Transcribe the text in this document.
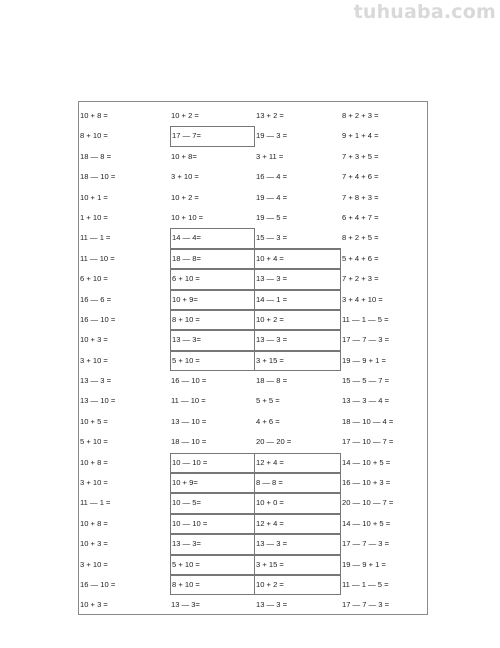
tuhuaba.com
10 + 8 =	10 + 2 =	13 + 2 =	8 + 2 + 3 =
8 + 10 =	17 — 7=	19 — 3 =	9 + 1 + 4 =
18 — 8 =	10 + 8=	3 + 11 =	7 + 3 + 5 =
18 — 10 =	3 + 10 =	16 — 4 =	7 + 4 + 6 =
10 + 1 =	10 + 2 =	19 — 4 =	7 + 8 + 3 =
1 + 10 =	10 + 10 =	19 — 5 =	6 + 4 + 7 =
11 — 1 =	14 — 4=	15 — 3 =	8 + 2 + 5 =
11 — 10 =	18 — 8=	10 + 4 =	5 + 4 + 6 =
6 + 10 =	6 + 10 =	13 — 3 =	7 + 2 + 3 =
16 — 6 =	10 + 9=	14 — 1 =	3 + 4 + 10 =
16 — 10 =	8 + 10 =	10 + 2 =	11 — 1 — 5 =
10 + 3 =	13 — 3=	13 — 3 =	17 — 7 — 3 =
3 + 10 =	5 + 10 =	3 + 15 =	19 — 9 + 1 =
13 — 3 =	16 — 10 =	18 — 8 =	15 — 5 — 7 =
13 — 10 =	11 — 10 =	5 + 5 =	13 — 3 — 4 =
10 + 5 =	13 — 10 =	4 + 6 =	18 — 10 — 4 =
5 + 10 =	18 — 10 =	20 — 20 =	17 — 10 — 7 =
10 + 8 =	10 — 10 =	12 + 4 =	14 — 10 + 5 =
3 + 10 =	10 + 9=	8 — 8 =	16 — 10 + 3 =
11 — 1 =	10 — 5=	10 + 0 =	20 — 10 — 7 =
10 + 8 =	10 — 10 =	12 + 4 =	14 — 10 + 5 =
10 + 3 =	13 — 3=	13 — 3 =	17 — 7 — 3 =
3 + 10 =	5 + 10 =	3 + 15 =	19 — 9 + 1 =
16 — 10 =	8 + 10 =	10 + 2 =	11 — 1 — 5 =
10 + 3 =	13 — 3=	13 — 3 =	17 — 7 — 3 =
